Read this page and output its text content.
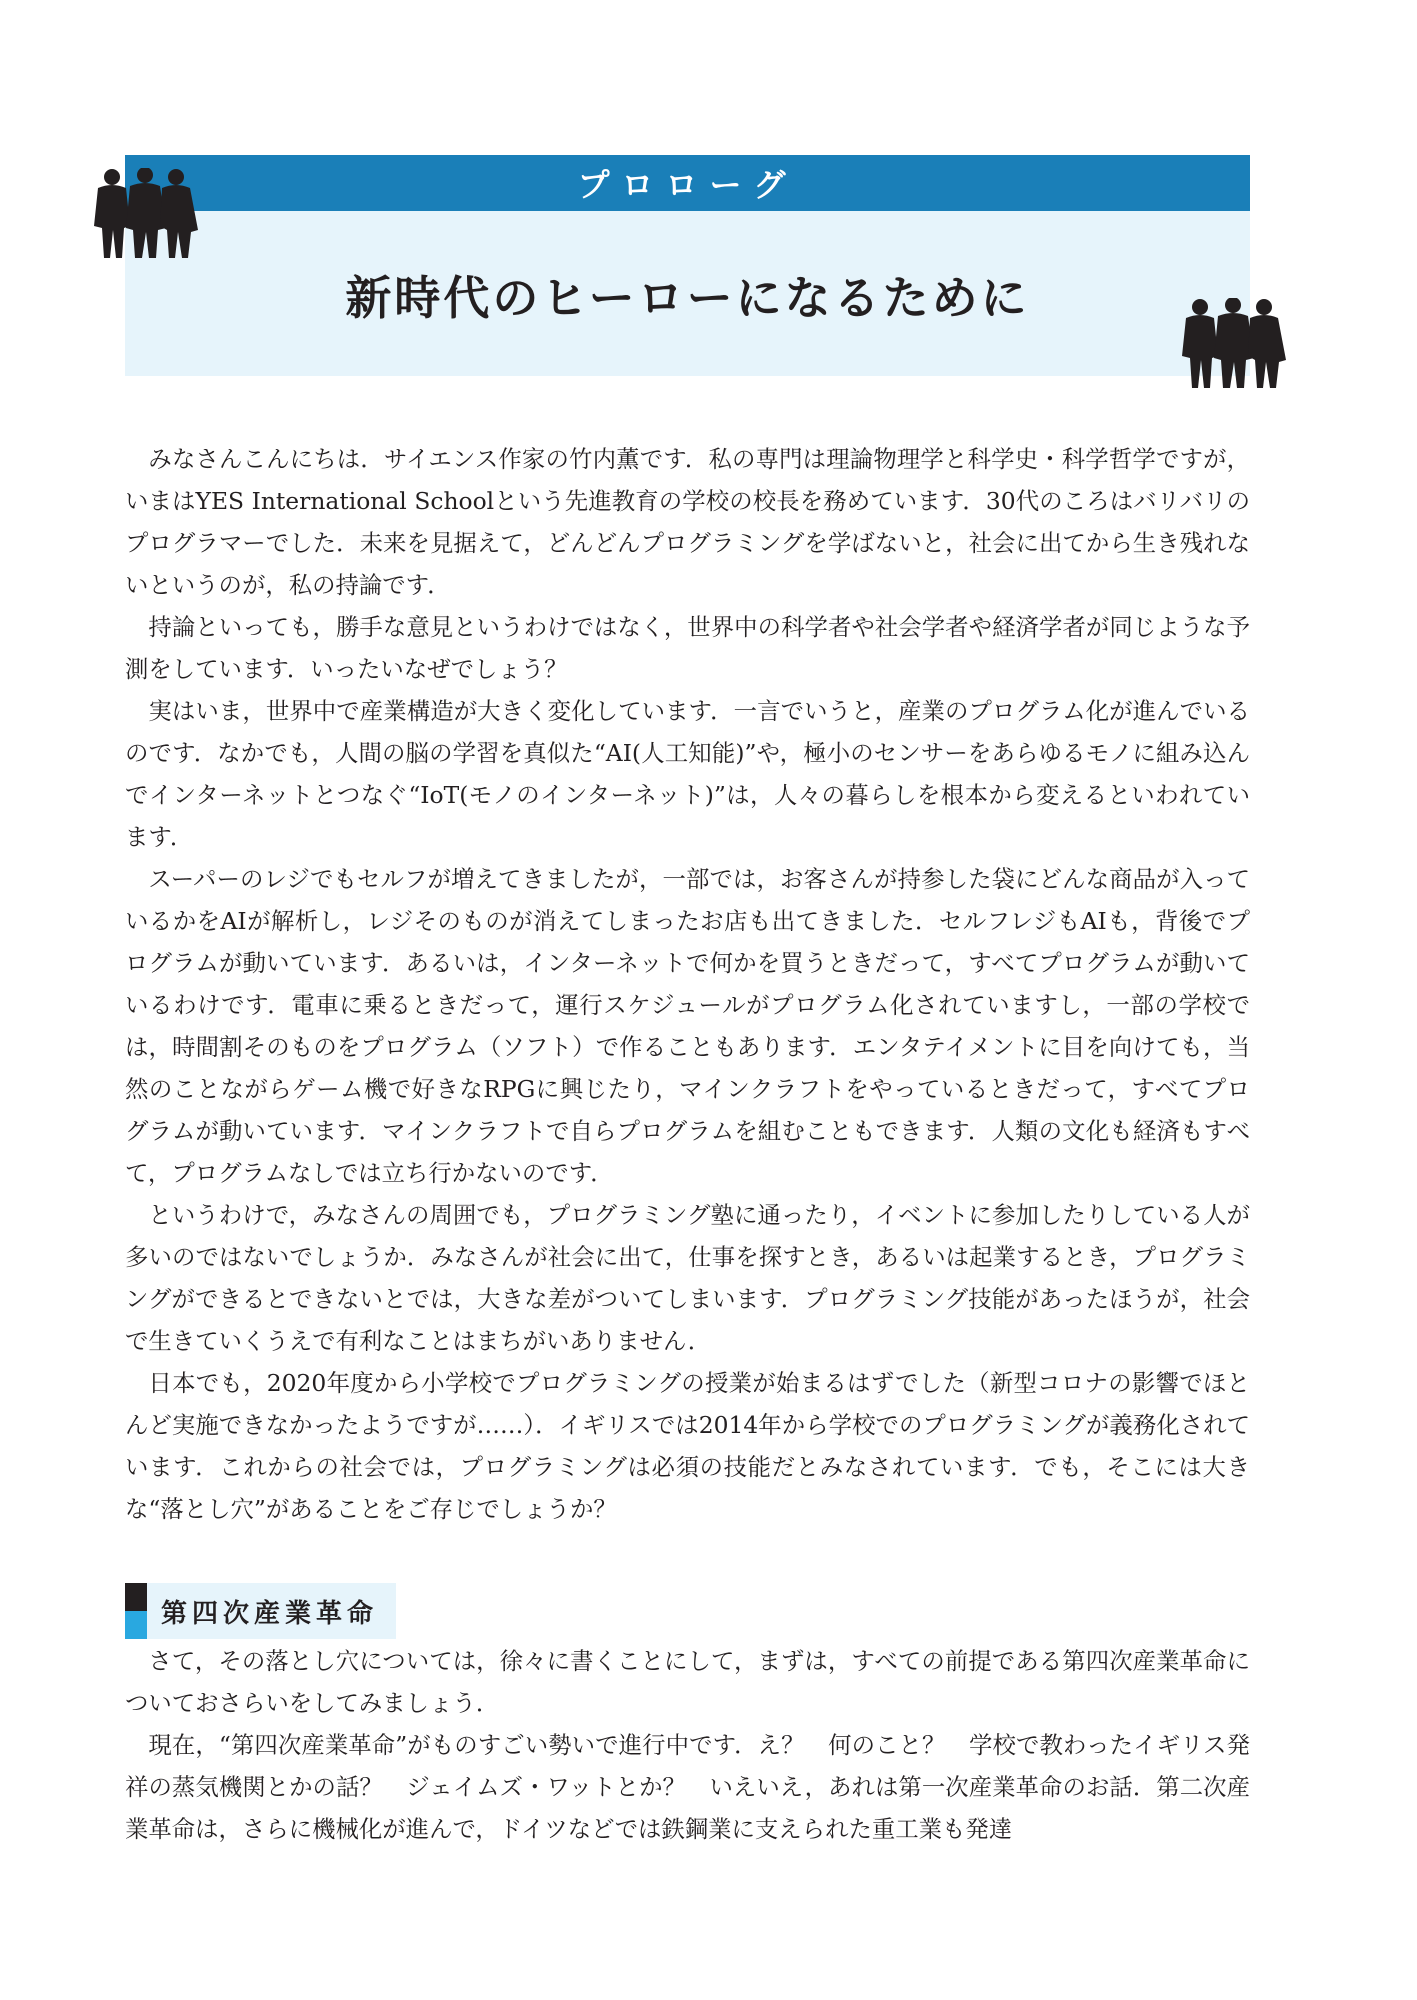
プロローグ
新時代のヒーローになるために

みなさんこんにちは．サイエンス作家の竹内薫です．私の専門は理論物理学と科学史・科学哲学ですが，いまはYES International Schoolという先進教育の学校の校長を務めています．30代のころはバリバリのプログラマーでした．未来を見据えて，どんどんプログラミングを学ばないと，社会に出てから生き残れないというのが，私の持論です．

持論といっても，勝手な意見というわけではなく，世界中の科学者や社会学者や経済学者が同じような予測をしています．いったいなぜでしょう？

実はいま，世界中で産業構造が大きく変化しています．一言でいうと，産業のプログラム化が進んでいるのです．なかでも，人間の脳の学習を真似た“AI(人工知能)”や，極小のセンサーをあらゆるモノに組み込んでインターネットとつなぐ“IoT(モノのインターネット)”は，人々の暮らしを根本から変えるといわれています．

スーパーのレジでもセルフが増えてきましたが，一部では，お客さんが持参した袋にどんな商品が入っているかをAIが解析し，レジそのものが消えてしまったお店も出てきました．セルフレジもAIも，背後でプログラムが動いています．あるいは，インターネットで何かを買うときだって，すべてプログラムが動いているわけです．電車に乗るときだって，運行スケジュールがプログラム化されていますし，一部の学校では，時間割そのものをプログラム（ソフト）で作ることもあります．エンタテイメントに目を向けても，当然のことながらゲーム機で好きなRPGに興じたり，マインクラフトをやっているときだって，すべてプログラムが動いています．マインクラフトで自らプログラムを組むこともできます．人類の文化も経済もすべて，プログラムなしでは立ち行かないのです．

というわけで，みなさんの周囲でも，プログラミング塾に通ったり，イベントに参加したりしている人が多いのではないでしょうか．みなさんが社会に出て，仕事を探すとき，あるいは起業するとき，プログラミングができるとできないとでは，大きな差がついてしまいます．プログラミング技能があったほうが，社会で生きていくうえで有利なことはまちがいありません．

日本でも，2020年度から小学校でプログラミングの授業が始まるはずでした（新型コロナの影響でほとんど実施できなかったようですが……）．イギリスでは2014年から学校でのプログラミングが義務化されています．これからの社会では，プログラミングは必須の技能だとみなされています．でも，そこには大きな“落とし穴”があることをご存じでしょうか？

第四次産業革命

さて，その落とし穴については，徐々に書くことにして，まずは，すべての前提である第四次産業革命についておさらいをしてみましょう．

現在，“第四次産業革命”がものすごい勢いで進行中です．え？　何のこと？　学校で教わったイギリス発祥の蒸気機関とかの話？　ジェイムズ・ワットとか？　いえいえ，あれは第一次産業革命のお話．第二次産業革命は，さらに機械化が進んで，ドイツなどでは鉄鋼業に支えられた重工業も発達
